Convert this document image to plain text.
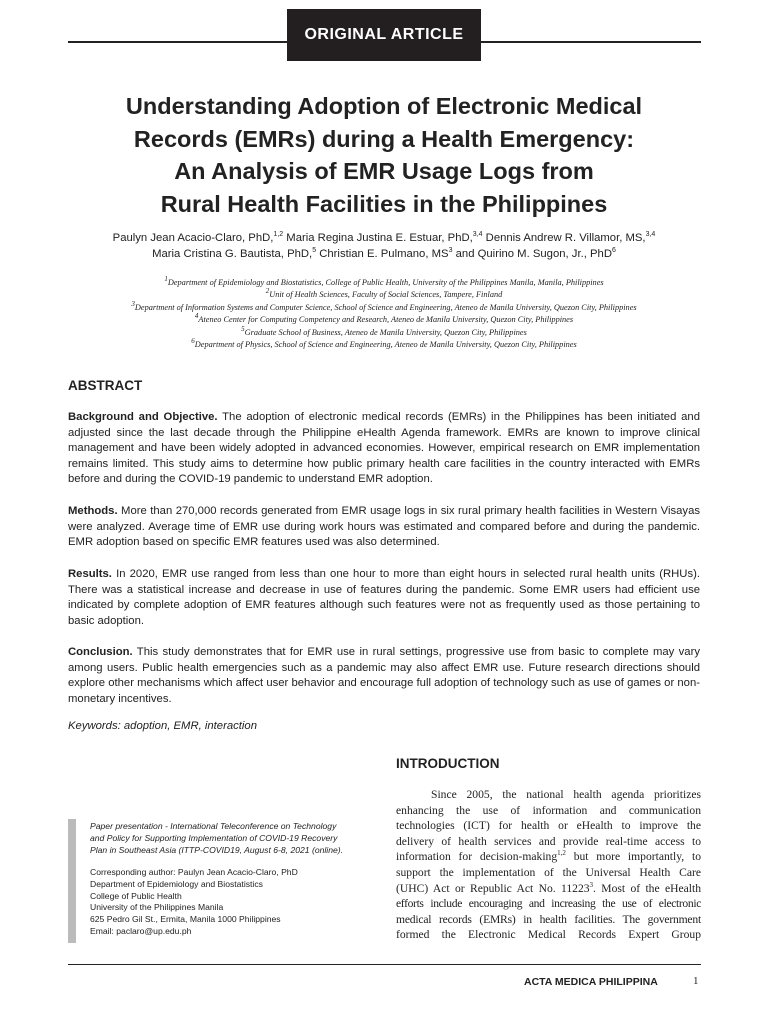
ORIGINAL ARTICLE
Understanding Adoption of Electronic Medical
Records (EMRs) during a Health Emergency:
An Analysis of EMR Usage Logs from
Rural Health Facilities in the Philippines
Paulyn Jean Acacio-Claro, PhD,$^{1,2}$ Maria Regina Justina E. Estuar, PhD,$^{3,4}$ Dennis Andrew R. Villamor, MS,$^{3,4}$
Maria Cristina G. Bautista, PhD,$^5$ Christian E. Pulmano, $MS^3$ and Quirino M. Sugon, Jr., PhD$^6$
$^1$Department of Epidemiology and Biostatistics, College of Public Health, University of the Philippines Manila, Manila, Philippines
$^2$Unit of Health Sciences, Faculty of Social Sciences, Tampere, Finland
$^3$Department of Information Systems and Computer Science, School of Science and Engineering, Ateneo de Manila University, Quezon City, Philippines
$^4$Ateneo Center for Computing Competency and Research, Ateneo de Manila University, Quezon City, Philippines
$^5$Graduate School of Business, Ateneo de Manila University, Quezon City, Philippines
$^6$Department of Physics, School of Science and Engineering, Ateneo de Manila University, Quezon City, Philippines
ABSTRACT
Background and Objective. The adoption of electronic medical records (EMRs) in the Philippines has been initiated and adjusted since the last decade through the Philippine eHealth Agenda framework. EMRs are known to improve clinical management and have been widely adopted in advanced economies. However, empirical research on EMR implementation remains limited. This study aims to determine how public primary health care facilities in the country interacted with EMRs before and during the COVID-19 pandemic to understand EMR adoption.
Methods. More than 270,000 records generated from EMR usage logs in six rural primary health facilities in Western Visayas were analyzed. Average time of EMR use during work hours was estimated and compared before and during the pandemic. EMR adoption based on specific EMR features used was also determined.
Results. In 2020, EMR use ranged from less than one hour to more than eight hours in selected rural health units (RHUs). There was a statistical increase and decrease in use of features during the pandemic. Some EMR users had efficient use indicated by complete adoption of EMR features although such features were not as frequently used as those pertaining to basic adoption.
Conclusion. This study demonstrates that for EMR use in rural settings, progressive use from basic to complete may vary among users. Public health emergencies such as a pandemic may also affect EMR use. Future research directions should explore other mechanisms which affect user behavior and encourage full adoption of technology such as use of games or non-monetary incentives.
Keywords: adoption, EMR, interaction
INTRODUCTION
Since 2005, the national health agenda prioritizes
enhancing the use of information and communication
technologies (ICT) for health or eHealth to improve the
delivery of health services and provide real-time access to
information for decision-making$^{1,2}$ but more importantly, to
support the implementation of the Universal Health Care
(UHC) Act or Republic Act No. 11223$^3$. Most of the eHealth
efforts include encouraging and increasing the use of electronic
medical records (EMRs) in health facilities. The government
formed the Electronic Medical Records Expert Group
Paper presentation - International Teleconference on Technology
and Policy for Supporting Implementation of COVID-19 Recovery
Plan in Southeast Asia (ITTP-COVID19, August 6-8, 2021 (online).
Corresponding author: Paulyn Jean Acacio-Claro, PhD
Department of Epidemiology and Biostatistics
College of Public Health
University of the Philippines Manila
625 Pedro Gil St., Ermita, Manila 1000 Philippines
Email: paclaro@up.edu.ph
ACTA MEDICA PHILIPPINA	1
